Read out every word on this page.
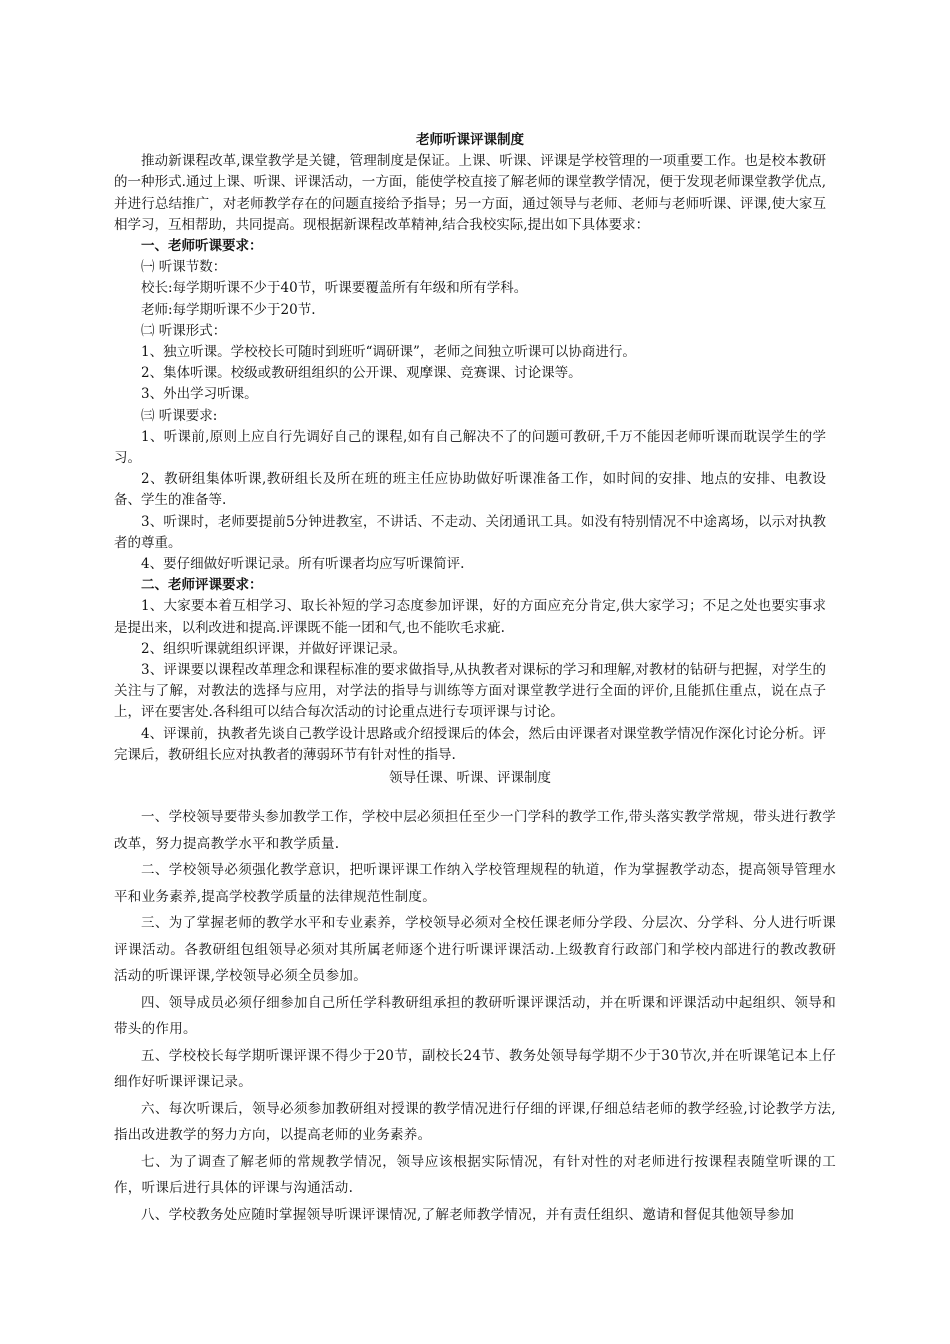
老师听课评课制度

推动新课程改革,课堂教学是关键，管理制度是保证。上课、听课、评课是学校管理的一项重要工作。也是校本教研的一种形式.通过上课、听课、评课活动，一方面，能使学校直接了解老师的课堂教学情况，便于发现老师课堂教学优点,并进行总结推广，对老师教学存在的问题直接给予指导；另一方面，通过领导与老师、老师与老师听课、评课,使大家互相学习，互相帮助，共同提高。现根据新课程改革精神,结合我校实际,提出如下具体要求：

一、老师听课要求：

㈠ 听课节数：

校长:每学期听课不少于40节，听课要覆盖所有年级和所有学科。

老师:每学期听课不少于20节.

㈡ 听课形式：

1、独立听课。学校校长可随时到班听“调研课”，老师之间独立听课可以协商进行。

2、集体听课。校级或教研组组织的公开课、观摩课、竞赛课、讨论课等。

3、外出学习听课。

㈢ 听课要求:

1、听课前,原则上应自行先调好自己的课程,如有自己解决不了的问题可教研,千万不能因老师听课而耽误学生的学习。

2、教研组集体听课,教研组长及所在班的班主任应协助做好听课准备工作，如时间的安排、地点的安排、电教设备、学生的准备等.

3、听课时，老师要提前5分钟进教室，不讲话、不走动、关闭通讯工具。如没有特别情况不中途离场，以示对执教者的尊重。

4、要仔细做好听课记录。所有听课者均应写听课简评.

二、老师评课要求：

1、大家要本着互相学习、取长补短的学习态度参加评课，好的方面应充分肯定,供大家学习；不足之处也要实事求是提出来，以利改进和提高.评课既不能一团和气,也不能吹毛求疵.

2、组织听课就组织评课，并做好评课记录。

3、评课要以课程改革理念和课程标准的要求做指导,从执教者对课标的学习和理解,对教材的钻研与把握，对学生的关注与了解，对教法的选择与应用，对学法的指导与训练等方面对课堂教学进行全面的评价,且能抓住重点，说在点子上，评在要害处.各科组可以结合每次活动的讨论重点进行专项评课与讨论。

4、评课前，执教者先谈自己教学设计思路或介绍授课后的体会，然后由评课者对课堂教学情况作深化讨论分析。评完课后，教研组长应对执教者的薄弱环节有针对性的指导.

领导任课、听课、评课制度

一、学校领导要带头参加教学工作，学校中层必须担任至少一门学科的教学工作,带头落实教学常规，带头进行教学改革，努力提高教学水平和教学质量.

二、学校领导必须强化教学意识，把听课评课工作纳入学校管理规程的轨道，作为掌握教学动态，提高领导管理水平和业务素养,提高学校教学质量的法律规范性制度。

三、为了掌握老师的教学水平和专业素养，学校领导必须对全校任课老师分学段、分层次、分学科、分人进行听课评课活动。各教研组包组领导必须对其所属老师逐个进行听课评课活动.上级教育行政部门和学校内部进行的教改教研活动的听课评课,学校领导必须全员参加。

四、领导成员必须仔细参加自己所任学科教研组承担的教研听课评课活动，并在听课和评课活动中起组织、领导和带头的作用。

五、学校校长每学期听课评课不得少于20节，副校长24节、教务处领导每学期不少于30节次,并在听课笔记本上仔细作好听课评课记录。

六、每次听课后，领导必须参加教研组对授课的教学情况进行仔细的评课,仔细总结老师的教学经验,讨论教学方法,指出改进教学的努力方向，以提高老师的业务素养。

七、为了调查了解老师的常规教学情况，领导应该根据实际情况，有针对性的对老师进行按课程表随堂听课的工作，听课后进行具体的评课与沟通活动.

八、学校教务处应随时掌握领导听课评课情况,了解老师教学情况，并有责任组织、邀请和督促其他领导参加
